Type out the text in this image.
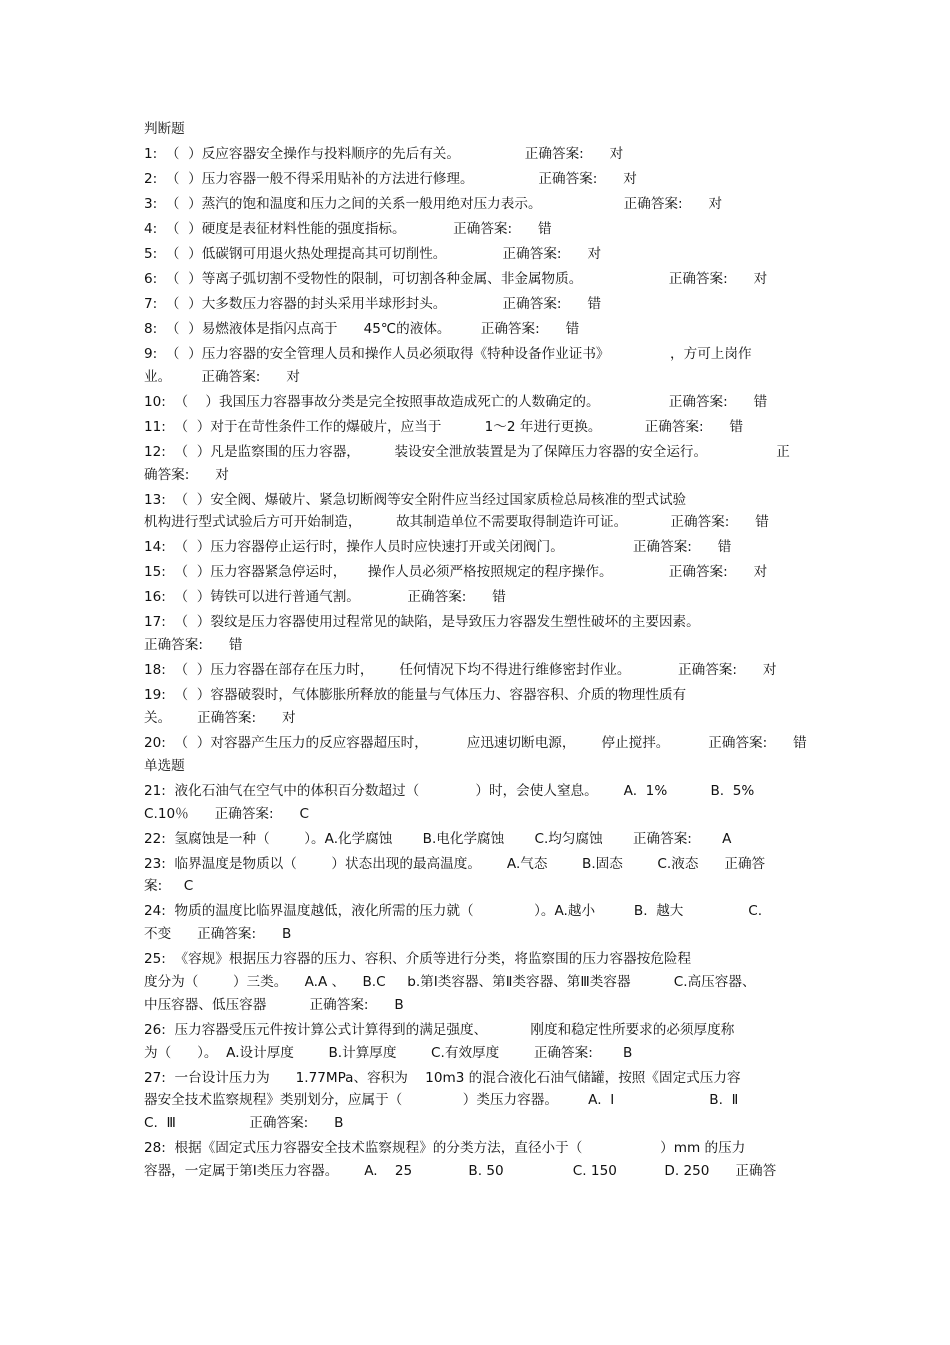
判断题
1:  （  ）反应容器安全操作与投料顺序的先后有关。               正确答案:      对
2:  （  ）压力容器一般不得采用贴补的方法进行修理。               正确答案:      对
3:  （  ）蒸汽的饱和温度和压力之间的关系一般用绝对压力表示。                   正确答案:      对
4:  （  ）硬度是表征材料性能的强度指标。           正确答案:      错
5:  （  ）低碳钢可用退火热处理提高其可切削性。             正确答案:      对
6:  （  ）等离子弧切割不受物性的限制，可切割各种金属、非金属物质。                    正确答案:      对
7:  （  ）大多数压力容器的封头采用半球形封头。             正确答案:      错
8:  （  ）易燃液体是指闪点高于      45℃的液体。       正确答案:      错
9:  （  ）压力容器的安全管理人员和操作人员必须取得《特种设备作业证书》              ，方可上岗作
业。       正确答案:      对
10:  （    ）我国压力容器事故分类是完全按照事故造成死亡的人数确定的。                正确答案:      错
11:  （  ）对于在苛性条件工作的爆破片，应当于          1～2 年进行更换。          正确答案:      错
12:  （  ）凡是监察围的压力容器，        装设安全泄放装置是为了保障压力容器的安全运行。                正
确答案:      对
13:  （  ）安全阀、爆破片、紧急切断阀等安全附件应当经过国家质检总局核准的型式试验
机构进行型式试验后方可开始制造，        故其制造单位不需要取得制造许可证。          正确答案:      错
14:  （  ）压力容器停止运行时，操作人员时应快速打开或关闭阀门。                正确答案:      错
15:  （  ）压力容器紧急停运时，     操作人员必须严格按照规定的程序操作。             正确答案:      对
16:  （  ）铸铁可以进行普通气割。           正确答案:      错
17:  （  ）裂纹是压力容器使用过程常见的缺陷，是导致压力容器发生塑性破坏的主要因素。
正确答案:      错
18:  （  ）压力容器在部存在压力时，      任何情况下均不得进行维修密封作业。           正确答案:      对
19:  （  ）容器破裂时，气体膨胀所释放的能量与气体压力、容器容积、介质的物理性质有
关。      正确答案:      对
20:  （  ）对容器产生压力的反应容器超压时，         应迅速切断电源，      停止搅拌。         正确答案:      错
单选题
21:  液化石油气在空气中的体积百分数超过（             ）时，会使人窒息。      A.  1%          B.  5%
C.10％      正确答案:      C
22:  氢腐蚀是一种（        ）。A.化学腐蚀       B.电化学腐蚀       C.均匀腐蚀       正确答案:       A
23:  临界温度是物质以（        ）状态出现的最高温度。      A.气态        B.固态        C.液态      正确答
案:     C
24:  物质的温度比临界温度越低，液化所需的压力就（              ）。A.越小         B.  越大               C.
不变      正确答案:      B
25:  《容规》根据压力容器的压力、容积、介质等进行分类，将监察围的压力容器按危险程
度分为（        ）三类。    A.A 、    B.C     b.第Ⅰ类容器、第Ⅱ类容器、第Ⅲ类容器          C.高压容器、
中压容器、低压容器          正确答案:      B
26:  压力容器受压元件按计算公式计算得到的满足强度、          刚度和稳定性所要求的必须厚度称
为（      ）。  A.设计厚度        B.计算厚度        C.有效厚度        正确答案:       B
27:  一台设计压力为      1.77MPa、容积为    10m3 的混合液化石油气储罐，按照《固定式压力容
器安全技术监察规程》类别划分，应属于（              ）类压力容器。       A.  Ⅰ                      B.  Ⅱ
C.  Ⅲ                 正确答案:      B
28:  根据《固定式压力容器安全技术监察规程》的分类方法，直径小于（                  ）mm 的压力
容器，一定属于第Ⅰ类压力容器。      A.    25             B. 50                C. 150           D. 250      正确答
